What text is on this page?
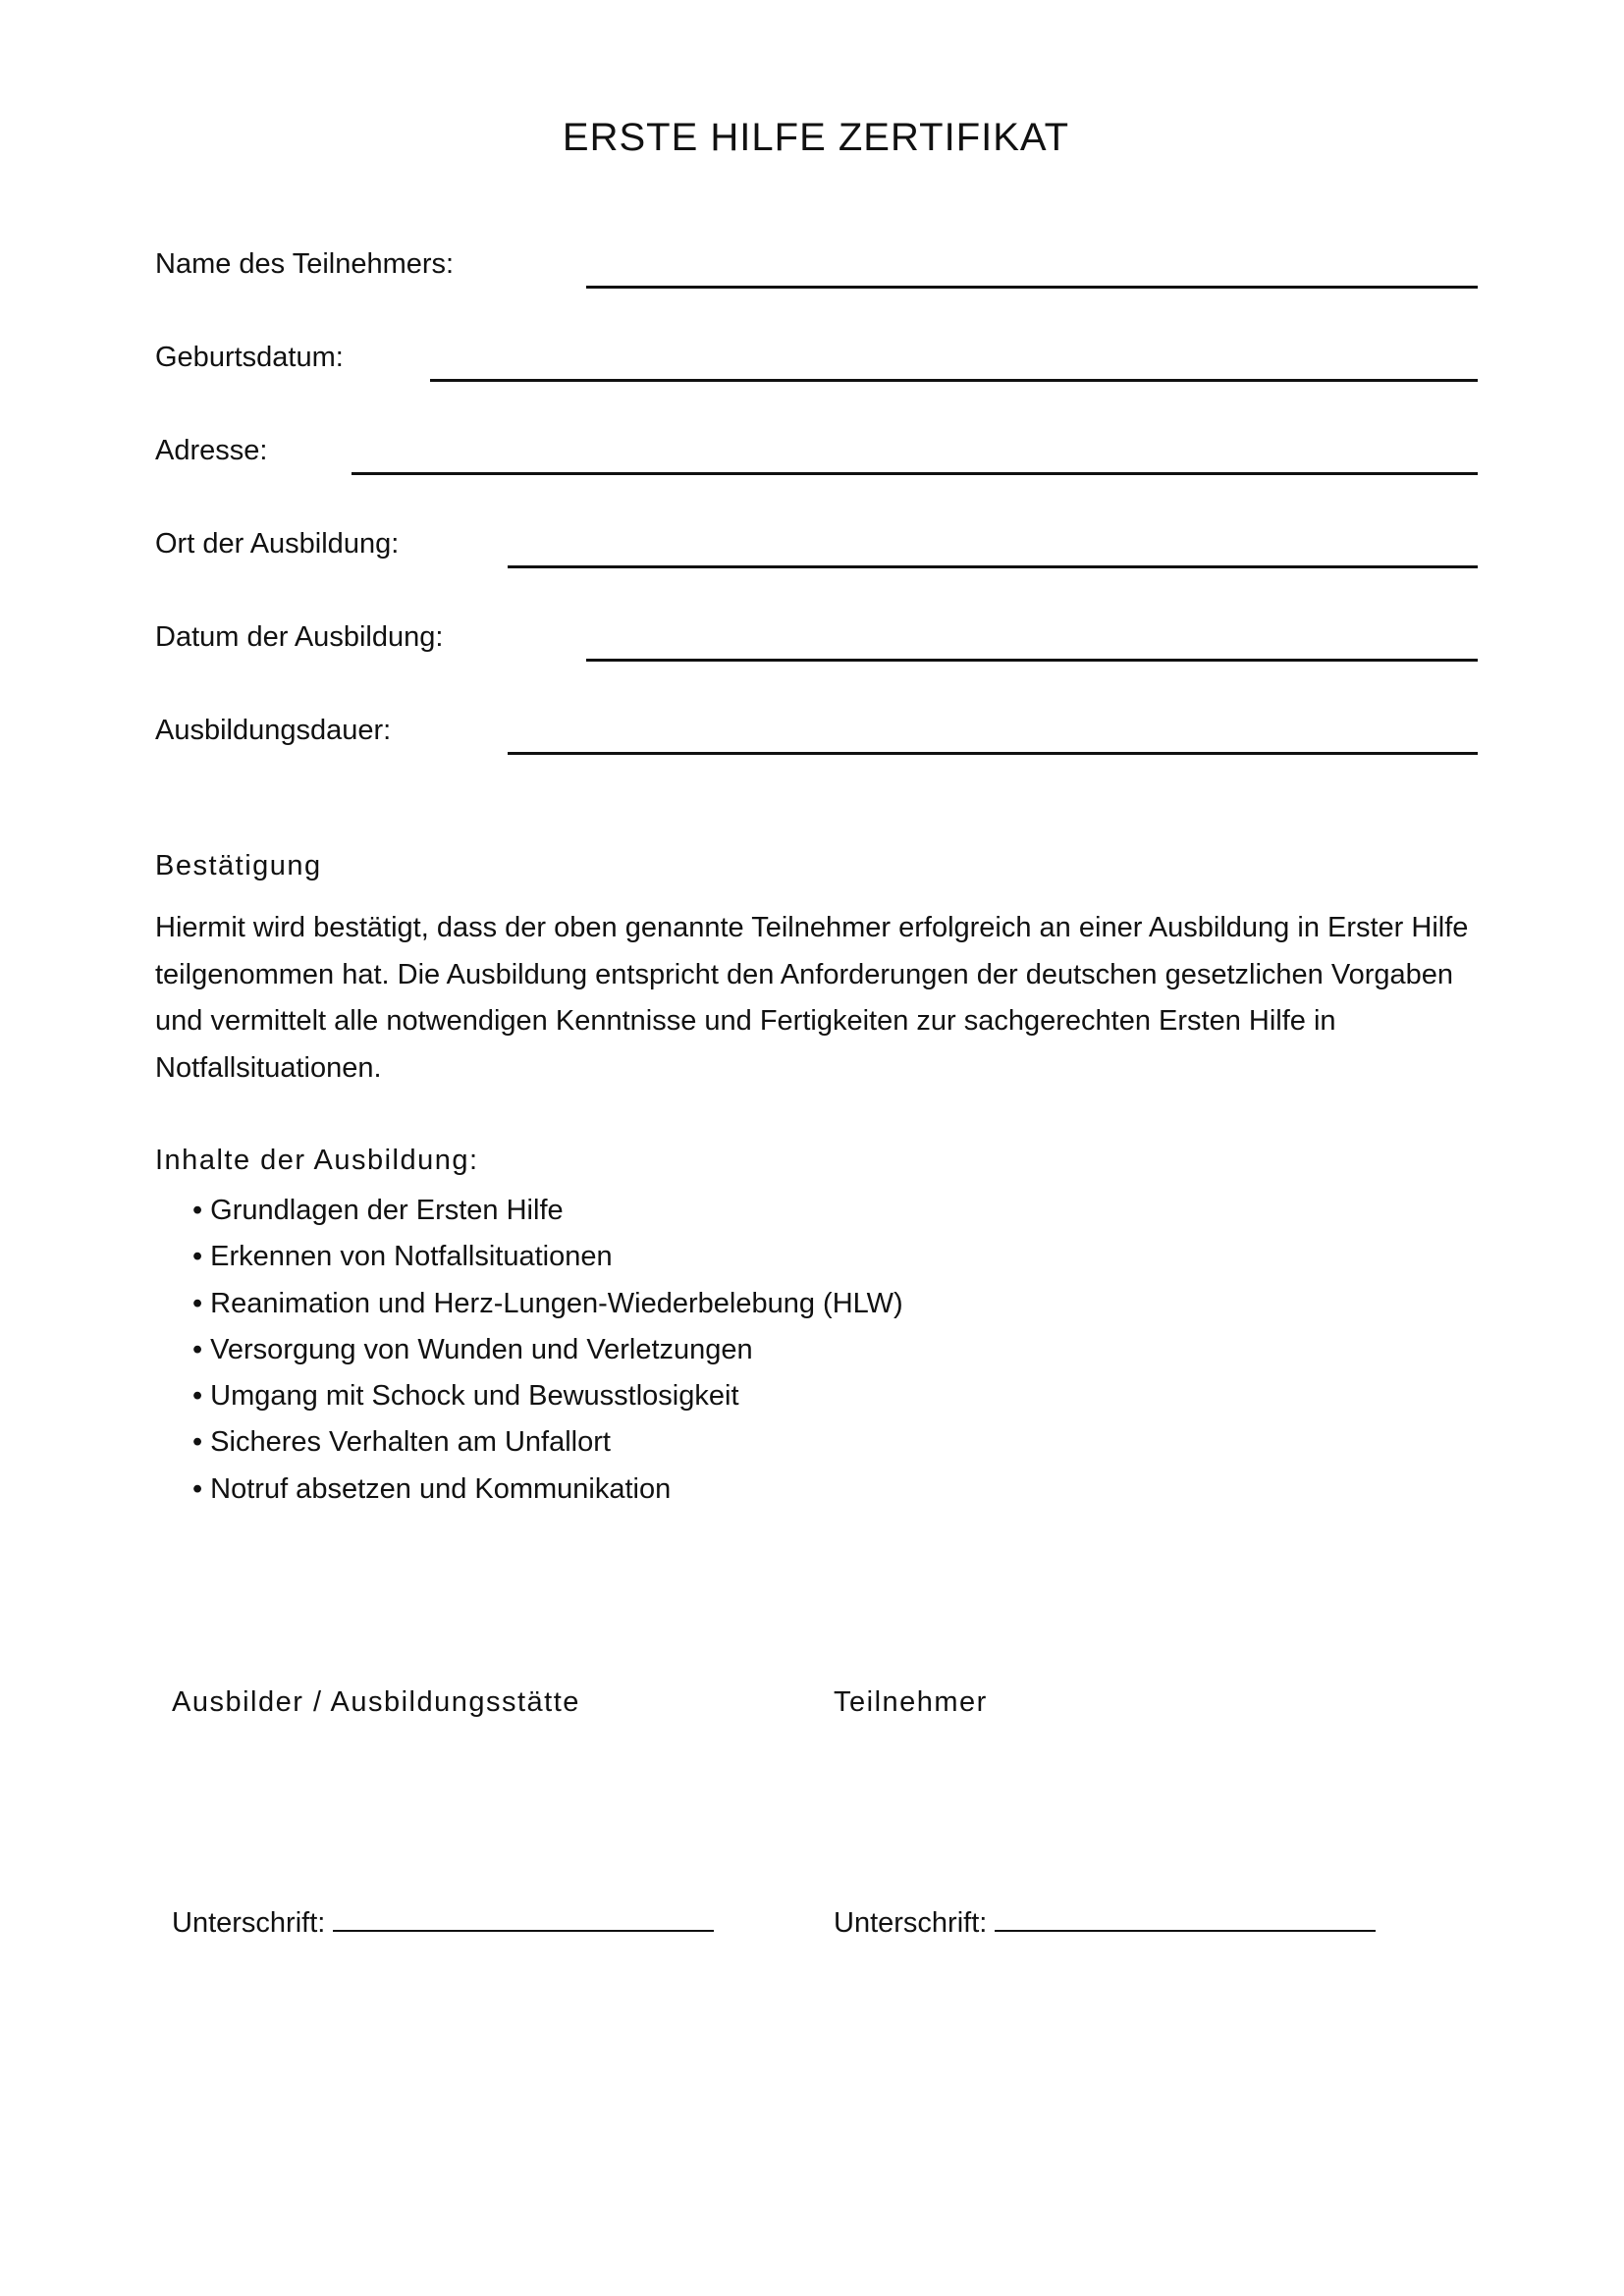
ERSTE HILFE ZERTIFIKAT
Name des Teilnehmers:
Geburtsdatum:
Adresse:
Ort der Ausbildung:
Datum der Ausbildung:
Ausbildungsdauer:
Bestätigung

Hiermit wird bestätigt, dass der oben genannte Teilnehmer erfolgreich an einer Ausbildung in Erster Hilfe teilgenommen hat. Die Ausbildung entspricht den Anforderungen der deutschen gesetzlichen Vorgaben und vermittelt alle notwendigen Kenntnisse und Fertigkeiten zur sachgerechten Ersten Hilfe in Notfallsituationen.

Inhalte der Ausbildung:
• Grundlagen der Ersten Hilfe
• Erkennen von Notfallsituationen
• Reanimation und Herz-Lungen-Wiederbelebung (HLW)
• Versorgung von Wunden und Verletzungen
• Umgang mit Schock und Bewusstlosigkeit
• Sicheres Verhalten am Unfallort
• Notruf absetzen und Kommunikation
Ausbilder / Ausbildungsstätte	Teilnehmer
Unterschrift:	Unterschrift:
